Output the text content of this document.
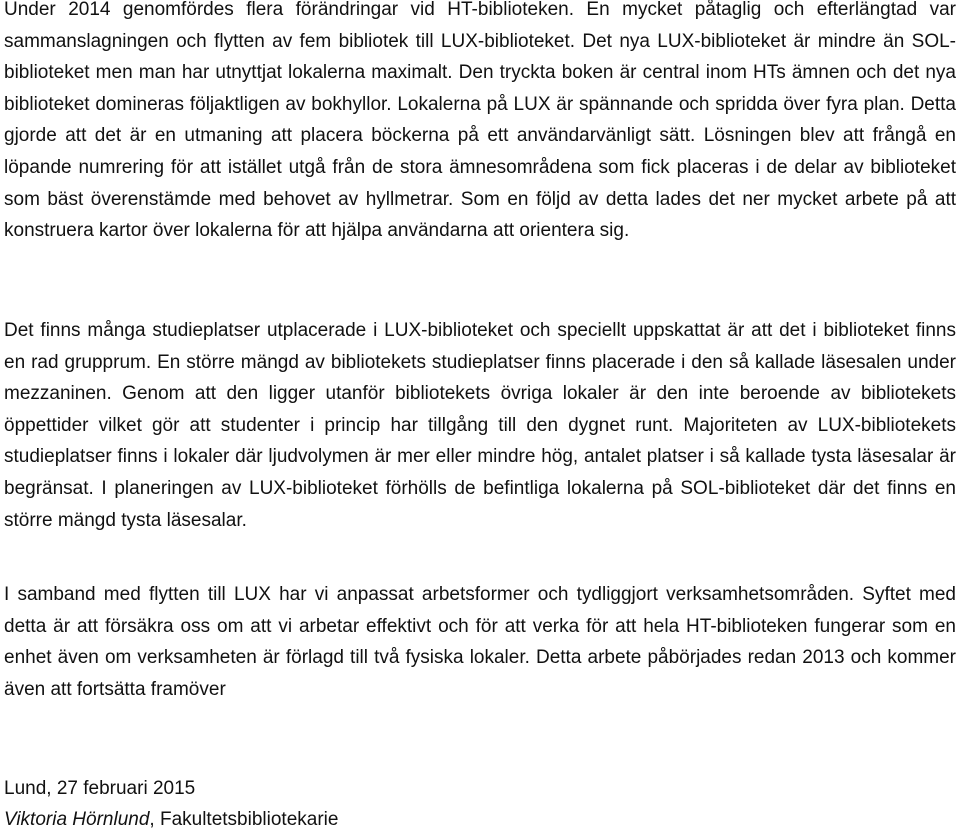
Under 2014 genomfördes flera förändringar vid HT-biblioteken. En mycket påtaglig och efterlängtad var sammanslagningen och flytten av fem bibliotek till LUX-biblioteket. Det nya LUX-biblioteket är mindre än SOL-biblioteket men man har utnyttjat lokalerna maximalt. Den tryckta boken är central inom HTs ämnen och det nya biblioteket domineras följaktligen av bokhyllor. Lokalerna på LUX är spännande och spridda över fyra plan. Detta gjorde att det är en utmaning att placera böckerna på ett användarvänligt sätt. Lösningen blev att frångå en löpande numrering för att istället utgå från de stora ämnesområdena som fick placeras i de delar av biblioteket som bäst överenstämde med behovet av hyllmetrar. Som en följd av detta lades det ner mycket arbete på att konstruera kartor över lokalerna för att hjälpa användarna att orientera sig.

Det finns många studieplatser utplacerade i LUX-biblioteket och speciellt uppskattat är att det i biblioteket finns en rad grupprum. En större mängd av bibliotekets studieplatser finns placerade i den så kallade läsesalen under mezzaninen. Genom att den ligger utanför bibliotekets övriga lokaler är den inte beroende av bibliotekets öppettider vilket gör att studenter i princip har tillgång till den dygnet runt. Majoriteten av LUX-bibliotekets studieplatser finns i lokaler där ljudvolymen är mer eller mindre hög, antalet platser i så kallade tysta läsesalar är begränsat. I planeringen av LUX-biblioteket förhölls de befintliga lokalerna på SOL-biblioteket där det finns en större mängd tysta läsesalar.

I samband med flytten till LUX har vi anpassat arbetsformer och tydliggjort verksamhetsområden. Syftet med detta är att försäkra oss om att vi arbetar effektivt och för att verka för att hela HT-biblioteken fungerar som en enhet även om verksamheten är förlagd till två fysiska lokaler. Detta arbete påbörjades redan 2013 och kommer även att fortsätta framöver

Lund, 27 februari 2015
Viktoria Hörnlund, Fakultetsbibliotekarie
